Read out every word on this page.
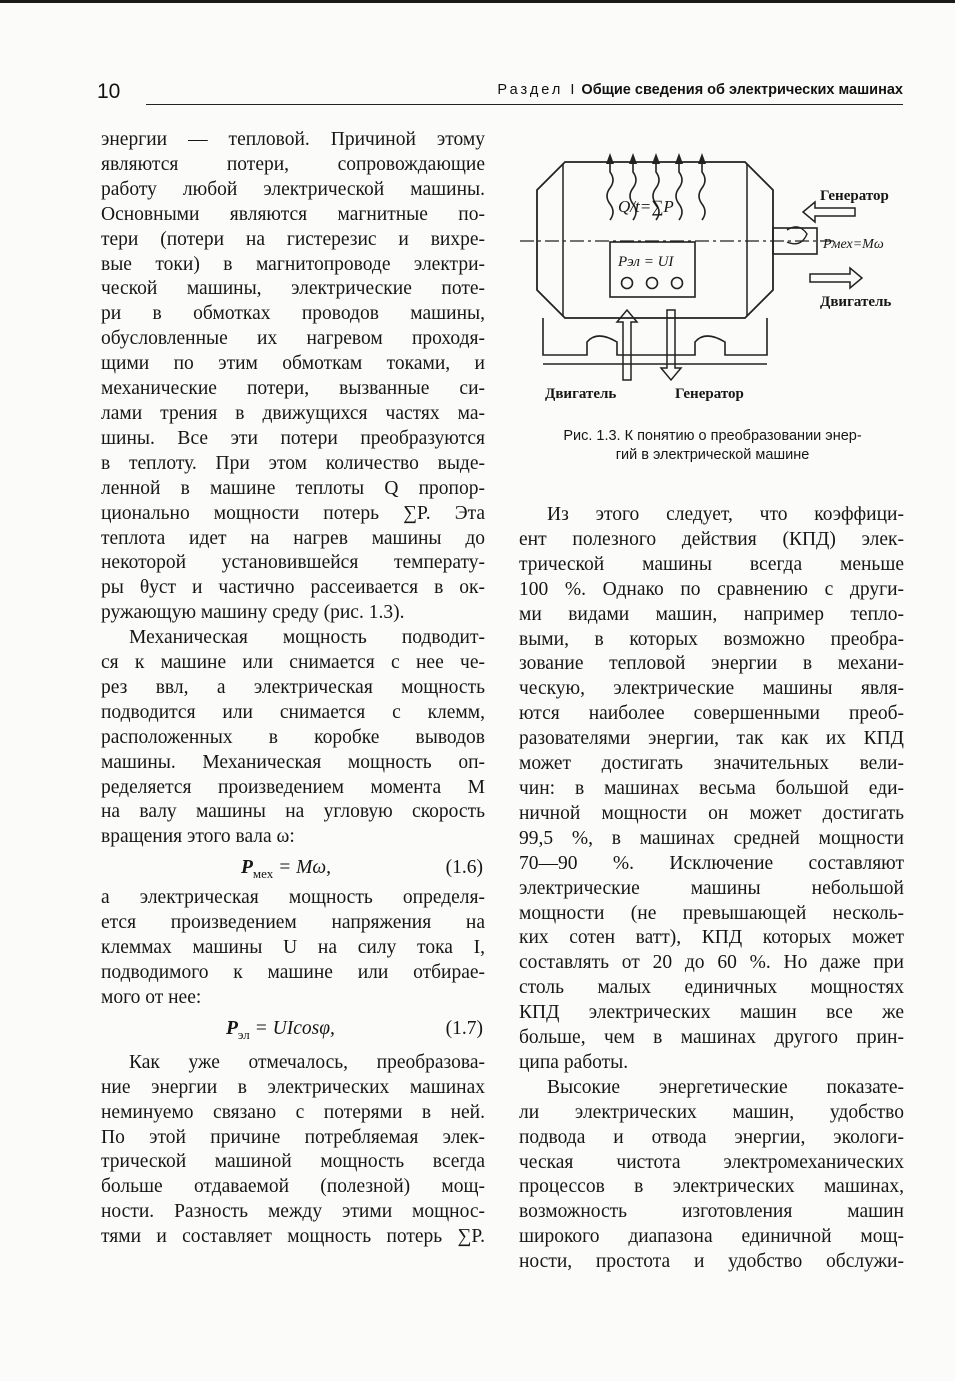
10	Раздел I Общие сведения об электрических машинах
энергии — тепловой. Причиной этому
являются потери, сопровождающие
работу любой электрической машины.
Основными являются магнитные по-
тери (потери на гистерезис и вихре-
вые токи) в магнитопроводе электри-
ческой машины, электрические поте-
ри в обмотках проводов машины,
обусловленные их нагревом проходя-
щими по этим обмоткам токами, и
механические потери, вызванные си-
лами трения в движущихся частях ма-
шины. Все эти потери преобразуются
в теплоту. При этом количество выде-
ленной в машине теплоты Q пропор-
ционально мощности потерь ∑P. Эта
теплота идет на нагрев машины до
некоторой установившейся температу-
ры θуст и частично рассеивается в ок-
ружающую машину среду (рис. 1.3).
Механическая мощность подводит-
ся к машине или снимается с нее че-
рез ввл, а электрическая мощность
подводится или снимается с клемм,
расположенных в коробке выводов
машины. Механическая мощность оп-
ределяется произведением момента M
на валу машины на угловую скорость
вращения этого вала ω:
$P_{мех} = M\omega$,	(1.6)
а электрическая мощность определя-
ется произведением напряжения на
клеммах машины U на силу тока I,
подводимого к машине или отбирае-
мого от нее:
$P_{эл} = UIcos\varphi$,	(1.7)
Как уже отмечалось, преобразова-
ние энергии в электрических машинах
неминуемо связано с потерями в ней.
По этой причине потребляемая элек-
трической машиной мощность всегда
больше отдаваемой (полезной) мощ-
ности. Разность между этими мощнос-
тями и составляет мощность потерь ∑P.
Q/t=∑P
Pэл = UI
Генератор
Pмех=Mω
Двигатель
Двигатель	Генератор
Рис. 1.3. К понятию о преобразовании энер-
гий в электрической машине
Из этого следует, что коэффици-
ент полезного действия (КПД) элек-
трической машины всегда меньше
100 %. Однако по сравнению с други-
ми видами машин, например тепло-
выми, в которых возможно преобра-
зование тепловой энергии в механи-
ческую, электрические машины явля-
ются наиболее совершенными преоб-
разователями энергии, так как их КПД
может достигать значительных вели-
чин: в машинах весьма большой еди-
ничной мощности он может достигать
99,5 %, в машинах средней мощности
70—90 %. Исключение составляют
электрические машины небольшой
мощности (не превышающей несколь-
ких сотен ватт), КПД которых может
составлять от 20 до 60 %. Но даже при
столь малых единичных мощностях
КПД электрических машин все же
больше, чем в машинах другого прин-
ципа работы.
Высокие энергетические показате-
ли электрических машин, удобство
подвода и отвода энергии, экологи-
ческая чистота электромеханических
процессов в электрических машинах,
возможность изготовления машин
широкого диапазона единичной мощ-
ности, простота и удобство обслужи-
